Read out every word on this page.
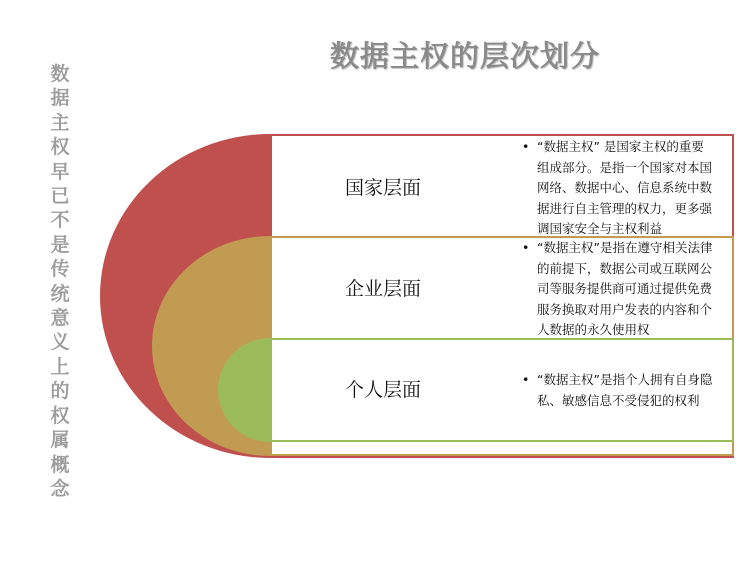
数据主权的层次划分
数
据
主
权
早
已
不
是
传
统
意
义
上
的
权
属
概
念
国家层面
企业层面
个人层面
• “数据主权” 是国家主权的重要组成部分。是指一个国家对本国网络、数据中心、信息系统中数据进行自主管理的权力，更多强调国家安全与主权利益
• “数据主权”是指在遵守相关法律的前提下，数据公司或互联网公司等服务提供商可通过提供免费服务换取对用户发表的内容和个人数据的永久使用权
• “数据主权”是指个人拥有自身隐私、敏感信息不受侵犯的权利
